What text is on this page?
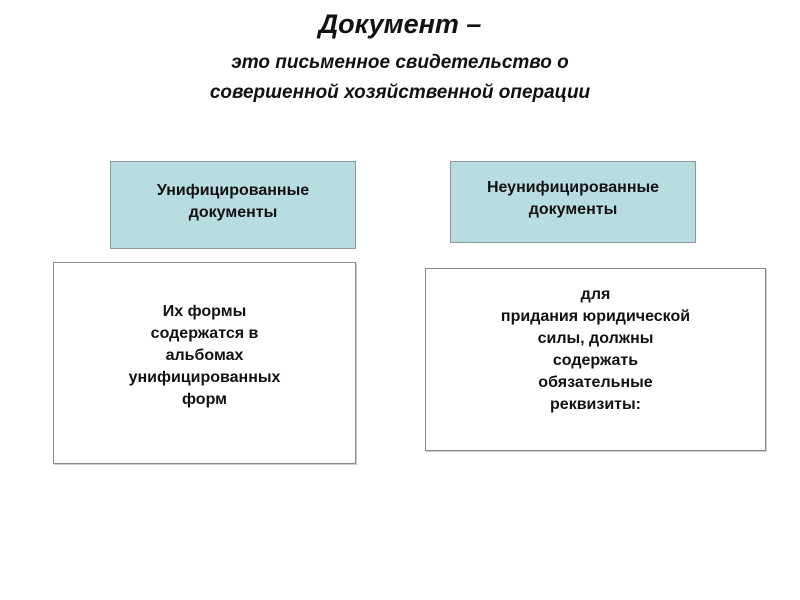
Документ –
это письменное свидетельство о
совершенной хозяйственной операции
Унифицированные
документы
Неунифицированные
документы
Их формы
содержатся в
альбомах
унифицированных
форм
для
придания юридической
силы, должны
содержать
обязательные
реквизиты:
